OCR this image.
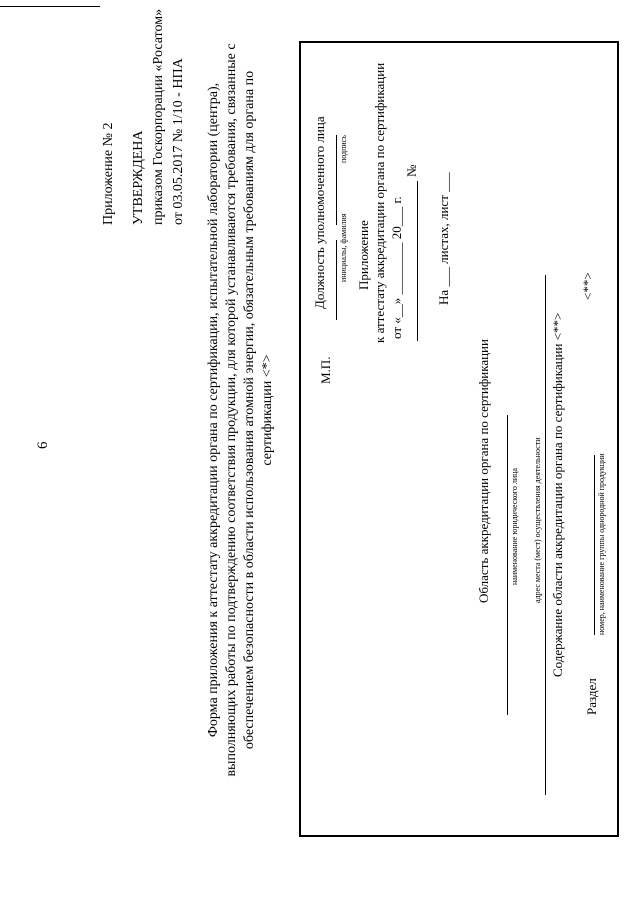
6
Приложение № 2 УТВЕРЖДЕНА приказом Госкорпорации «Росатом» от 03.05.2017 № 1/10 - НПА Форма приложения к аттестату аккредитации органа по сертификации, испытательной лаборатории (центра), выполняющих работы по подтверждению соответствия продукции, для которой устанавливаются требования, связанные с обеспечением безопасности в области использования атомной энергии, обязательным требованиям для органа по сертификации <*>
Должность уполномоченного лица подпись
инициалы, фамилия Приложение к аттестату аккредитации органа по сертификации от «__» ________ 20___ г.
№
На ___ листах, лист ___
М.П.	Область аккредитации органа по сертификации наименование юридического лица адрес места (мест) осуществления деятельности Содержание области аккредитации органа по сертификации <**>
Раздел
номер, наименование группы однородной продукции
<**>
